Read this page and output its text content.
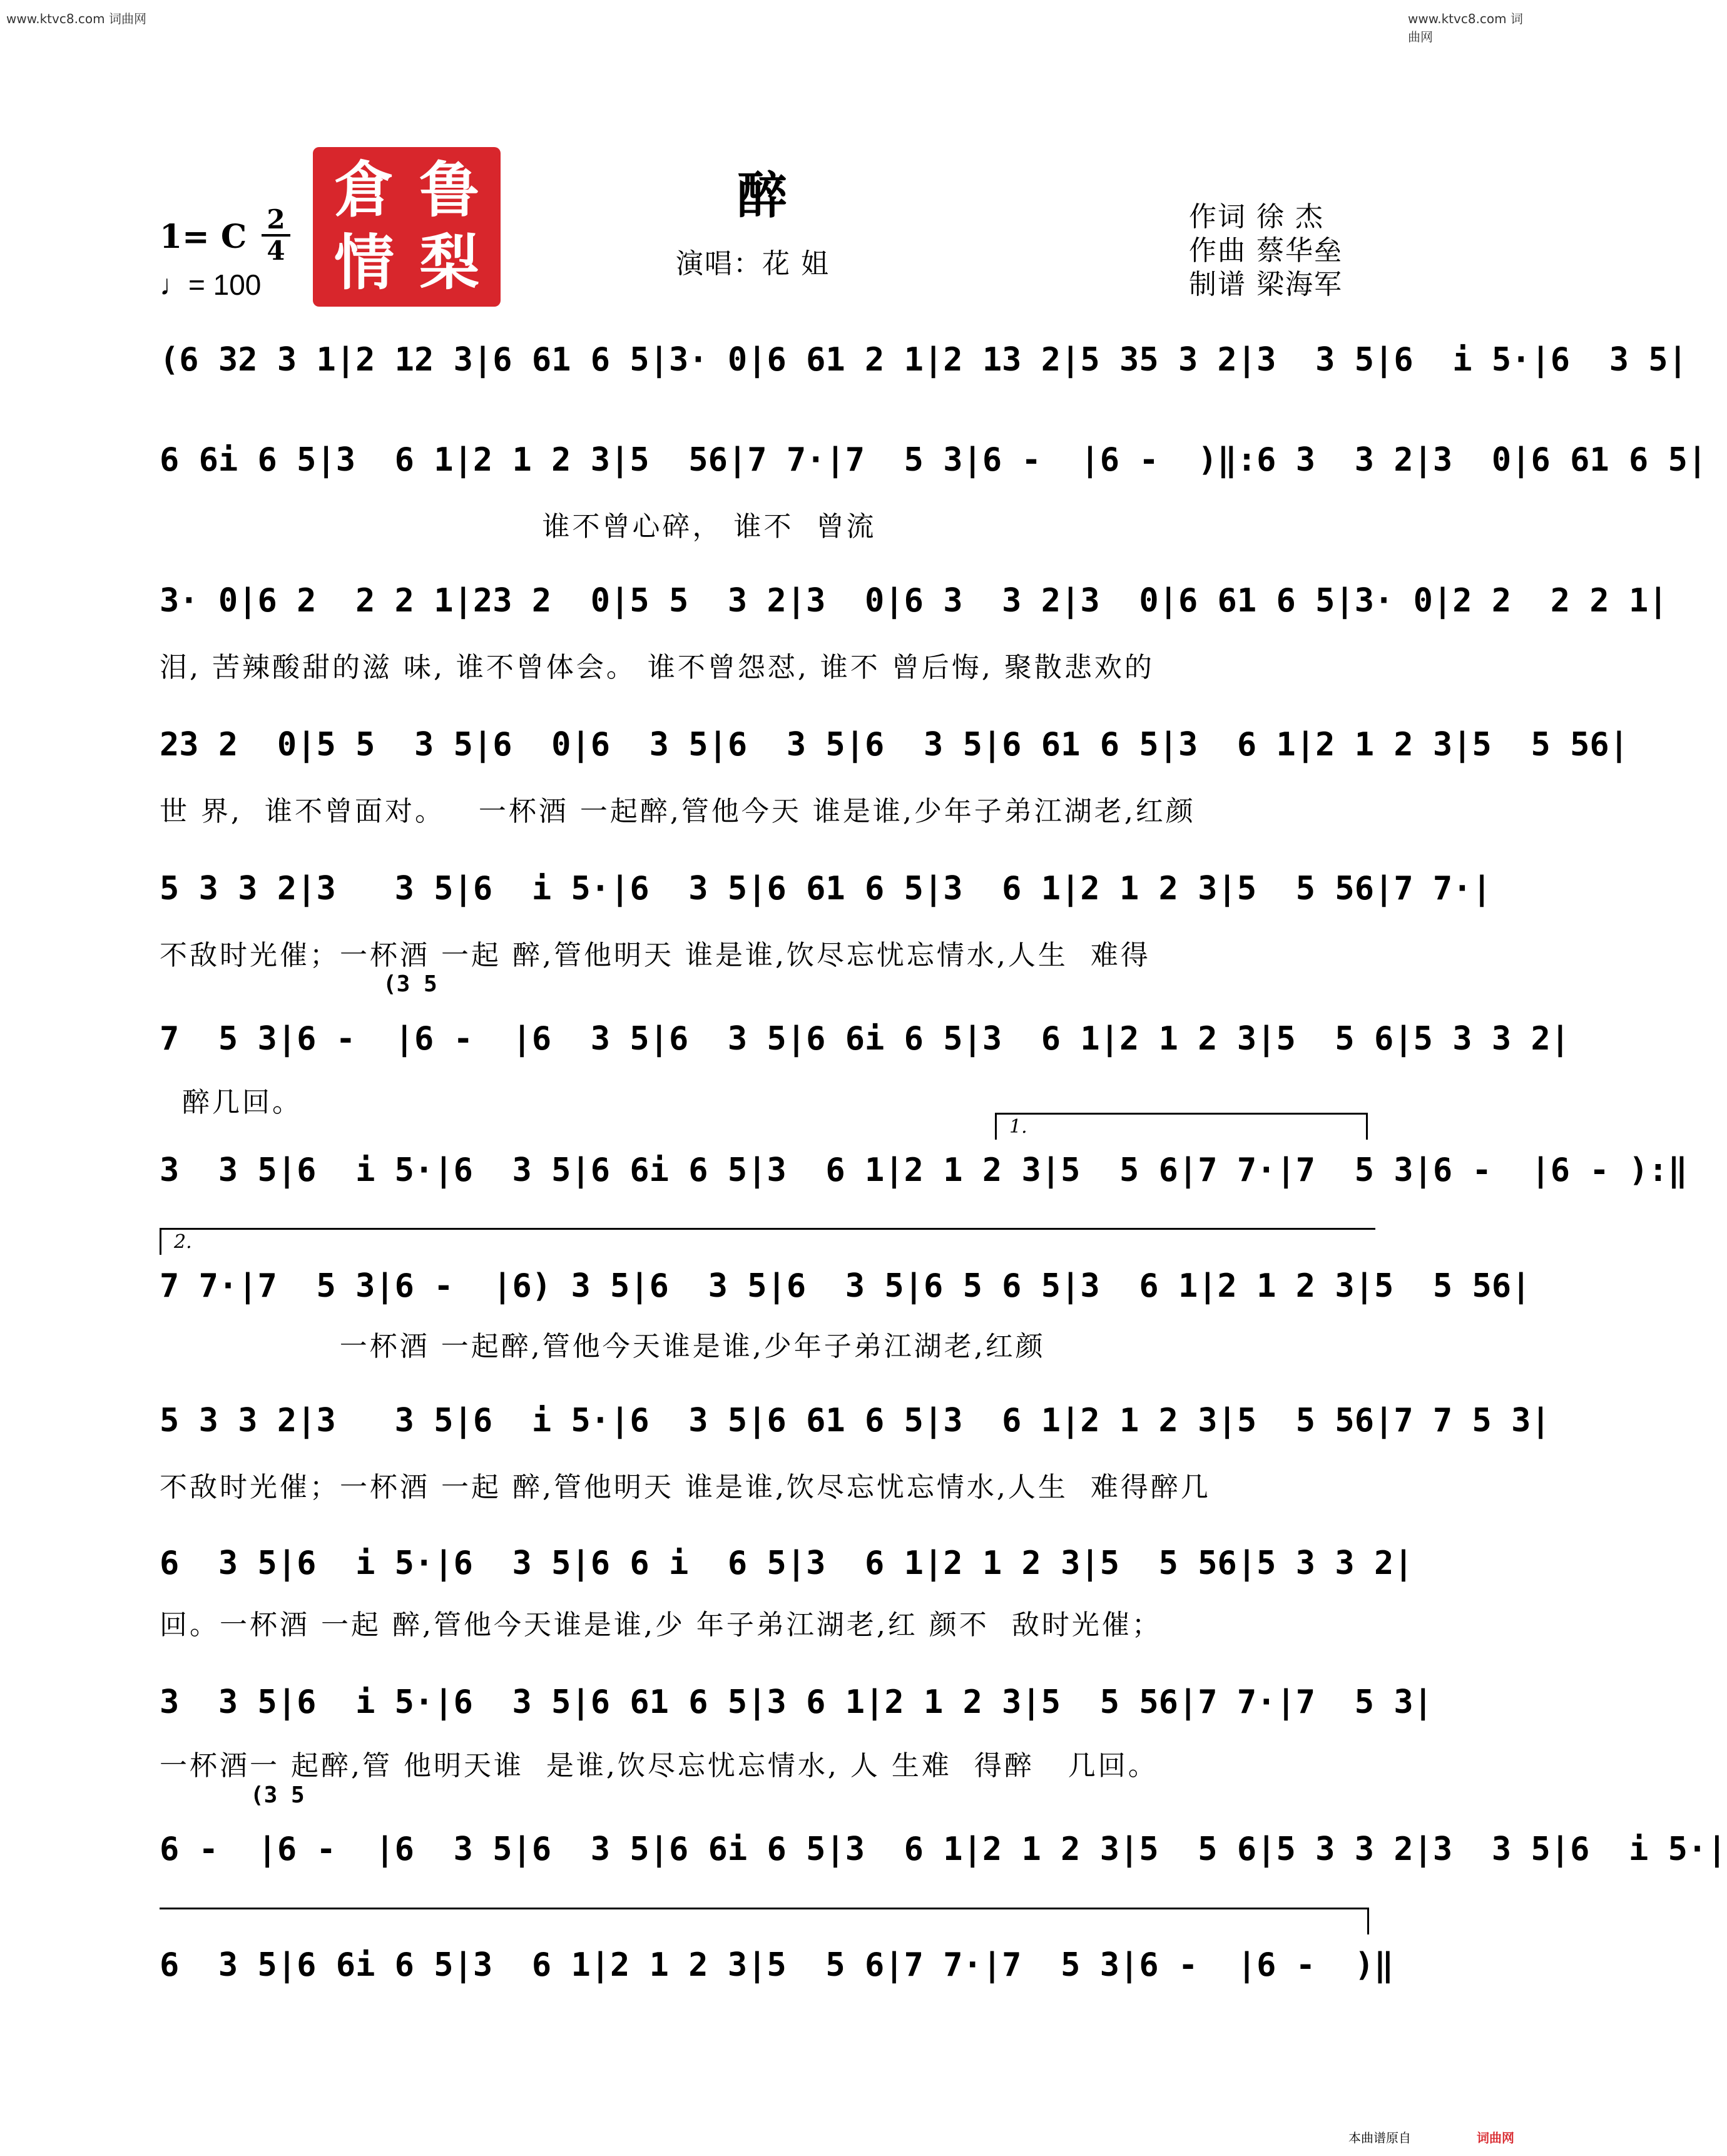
www.ktvc8.com 词曲网	www.ktvc8.com 词曲网
倉 鲁
情 梨
醉
演唱：花 姐
1= C 2
4
♩= 100
作词 徐 杰
作曲 蔡华垒
制谱 梁海军
(6 32 3 1|2 12 3|6 61 6 5|3· 0|6 61 2 1|2 13 2|5 35 3 2|3  3 5|6  i 5·|6  3 5|
6 6i 6 5|3  6 1|2 1 2 3|5  56|7 7·|7  5 3|6 -  |6 -  )‖:6 3  3 2|3  0|6 61 6 5|
谁不曾心碎， 谁不  曾流
3· 0|6 2  2 2 1|23 2  0|5 5  3 2|3  0|6 3  3 2|3  0|6 61 6 5|3· 0|2 2  2 2 1|
泪, 苦辣酸甜的滋 味, 谁不曾体会。 谁不曾怨怼, 谁不 曾后悔, 聚散悲欢的
23 2  0|5 5  3 5|6  0|6  3 5|6  3 5|6  3 5|6 61 6 5|3  6 1|2 1 2 3|5  5 56|
世 界,  谁不曾面对。   一杯酒 一起醉,管他今天 谁是谁,少年子弟江湖老,红颜
5 3 3 2|3   3 5|6  i 5·|6  3 5|6 61 6 5|3  6 1|2 1 2 3|5  5 56|7 7·|
不敌时光催；一杯酒 一起 醉,管他明天 谁是谁,饮尽忘忧忘情水,人生  难得
(3 5
7  5 3|6 -  |6 -  |6  3 5|6  3 5|6 6i 6 5|3  6 1|2 1 2 3|5  5 6|5 3 3 2|
醉几回。
1.
3  3 5|6  i 5·|6  3 5|6 6i 6 5|3  6 1|2 1 2 3|5  5 6|7 7·|7  5 3|6 -  |6 - ):‖
2.
7 7·|7  5 3|6 -  |6) 3 5|6  3 5|6  3 5|6 5 6 5|3  6 1|2 1 2 3|5  5 56|
一杯酒 一起醉,管他今天谁是谁,少年子弟江湖老,红颜
5 3 3 2|3   3 5|6  i 5·|6  3 5|6 61 6 5|3  6 1|2 1 2 3|5  5 56|7 7 5 3|
不敌时光催；一杯酒 一起 醉,管他明天 谁是谁,饮尽忘忧忘情水,人生  难得醉几
6  3 5|6  i 5·|6  3 5|6 6 i  6 5|3  6 1|2 1 2 3|5  5 56|5 3 3 2|
回。一杯酒 一起 醉,管他今天谁是谁,少 年子弟江湖老,红 颜不  敌时光催；
3  3 5|6  i 5·|6  3 5|6 61 6 5|3 6 1|2 1 2 3|5  5 56|7 7·|7  5 3|
一杯酒一 起醉,管 他明天谁  是谁,饮尽忘忧忘情水, 人 生难  得醉   几回。
(3 5
6 -  |6 -  |6  3 5|6  3 5|6 6i 6 5|3  6 1|2 1 2 3|5  5 6|5 3 3 2|3  3 5|6  i 5·|
6  3 5|6 6i 6 5|3  6 1|2 1 2 3|5  5 6|7 7·|7  5 3|6 -  |6 -  )‖
本曲谱原自	词曲网
